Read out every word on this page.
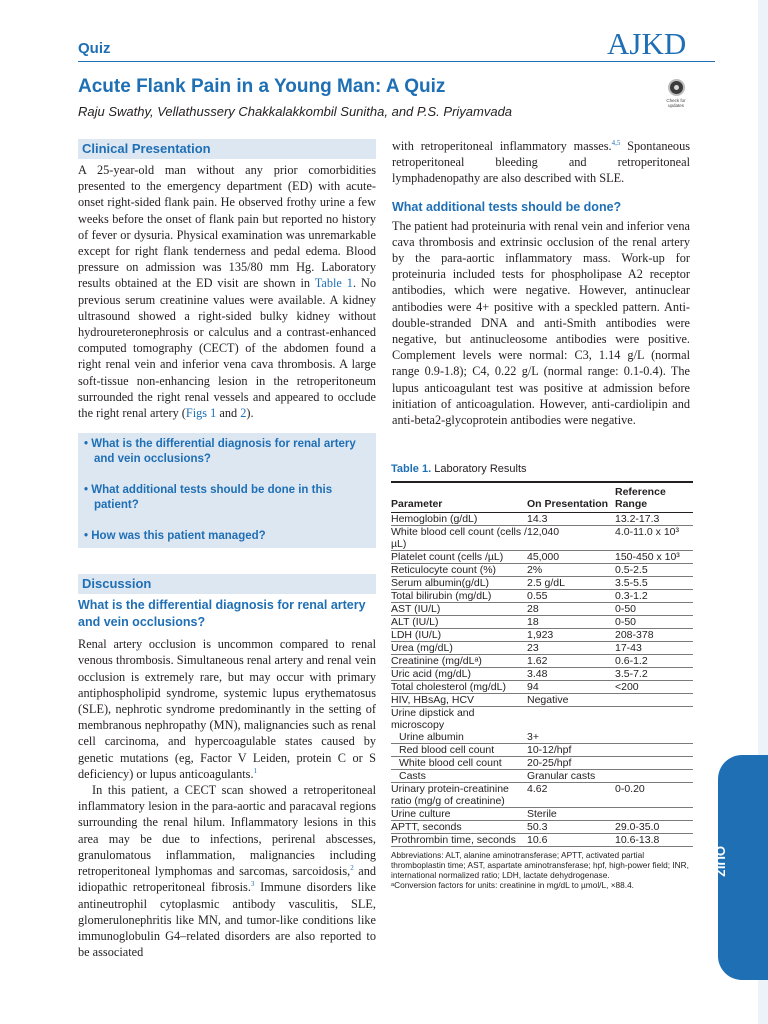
Quiz	AJKD
Acute Flank Pain in a Young Man: A Quiz
Raju Swathy, Vellathussery Chakkalakkombil Sunitha, and P.S. Priyamvada
Check for updates
Clinical Presentation

A 25-year-old man without any prior comorbidities presented to the emergency department (ED) with acute-onset right-sided flank pain. He observed frothy urine a few weeks before the onset of flank pain but reported no history of fever or dysuria. Physical examination was unremarkable except for right flank tenderness and pedal edema. Blood pressure on admission was 135/80 mm Hg. Laboratory results obtained at the ED visit are shown in Table 1. No previous serum creatinine values were available. A kidney ultrasound showed a right-sided bulky kidney without hydroureteronephrosis or calculus and a contrast-enhanced computed tomography (CECT) of the abdomen found a right renal vein and inferior vena cava thrombosis. A large soft-tissue non-enhancing lesion in the retroperitoneum surrounded the right renal vessels and appeared to occlude the right renal artery (Figs 1 and 2).

• What is the differential diagnosis for renal artery and vein occlusions?

• What additional tests should be done in this patient?

• How was this patient managed?

Discussion
What is the differential diagnosis for renal artery and vein occlusions?

Renal artery occlusion is uncommon compared to renal venous thrombosis. Simultaneous renal artery and renal vein occlusion is extremely rare, but may occur with primary antiphospholipid syndrome, systemic lupus erythematosus (SLE), nephrotic syndrome predominantly in the setting of membranous nephropathy (MN), malignancies such as renal cell carcinoma, and hypercoagulable states caused by genetic mutations (eg, Factor V Leiden, protein C or S deficiency) or lupus anticoagulants.$^1$

In this patient, a CECT scan showed a retroperitoneal inflammatory lesion in the para-aortic and paracaval regions surrounding the renal hilum. Inflammatory lesions in this area may be due to infections, perirenal abscesses, granulomatous inflammation, malignancies including retroperitoneal lymphomas and sarcomas, sarcoidosis,$^2$ and idiopathic retroperitoneal fibrosis.$^3$ Immune disorders like antineutrophil cytoplasmic antibody vasculitis, SLE, glomerulonephritis like MN, and tumor-like conditions like immunoglobulin G4–related disorders are also reported to be associated

with retroperitoneal inflammatory masses.$^{4,5}$ Spontaneous retroperitoneal bleeding and retroperitoneal lymphadenopathy are also described with SLE.

What additional tests should be done?

The patient had proteinuria with renal vein and inferior vena cava thrombosis and extrinsic occlusion of the renal artery by the para-aortic inflammatory mass. Work-up for proteinuria included tests for phospholipase A2 receptor antibodies, which were negative. However, antinuclear antibodies were 4+ positive with a speckled pattern. Anti-double-stranded DNA and anti-Smith antibodies were negative, but antinucleosome antibodies were positive. Complement levels were normal: C3, 1.14 g/L (normal range 0.9-1.8); C4, 0.22 g/L (normal range: 0.1-0.4). The lupus anticoagulant test was positive at admission before initiation of anticoagulation. However, anti-cardiolipin and anti-beta2-glycoprotein antibodies were negative.

Table 1. Laboratory Results
Parameter	On Presentation	Reference Range
Hemoglobin (g/dL)	14.3	13.2-17.3
White blood cell count (cells /µL)	12,040	4.0-11.0 x 10³
Platelet count (cells /µL)	45,000	150-450 x 10³
Reticulocyte count (%)	2%	0.5-2.5
Serum albumin(g/dL)	2.5 g/dL	3.5-5.5
Total bilirubin (mg/dL)	0.55	0.3-1.2
AST (IU/L)	28	0-50
ALT (IU/L)	18	0-50
LDH (IU/L)	1,923	208-378
Urea (mg/dL)	23	17-43
Creatinine (mg/dLᵃ)	1.62	0.6-1.2
Uric acid (mg/dL)	3.48	3.5-7.2
Total cholesterol (mg/dL)	94	<200
HIV, HBsAg, HCV	Negative	
Urine dipstick and microscopy		
Urine albumin	3+	
Red blood cell count	10-12/hpf	
White blood cell count	20-25/hpf	
Casts	Granular casts	
Urinary protein-creatinine ratio (mg/g of creatinine)	4.62	0-0.20
Urine culture	Sterile	
APTT, seconds	50.3	29.0-35.0
Prothrombin time, seconds	10.6	10.6-13.8
Abbreviations: ALT, alanine aminotransferase; APTT, activated partial thromboplastin time; AST, aspartate aminotransferase; hpf, high-power field; INR, international normalized ratio; LDH, lactate dehydrogenase.
ᵃConversion factors for units: creatinine in mg/dL to µmol/L, ×88.4.
QUIZ
